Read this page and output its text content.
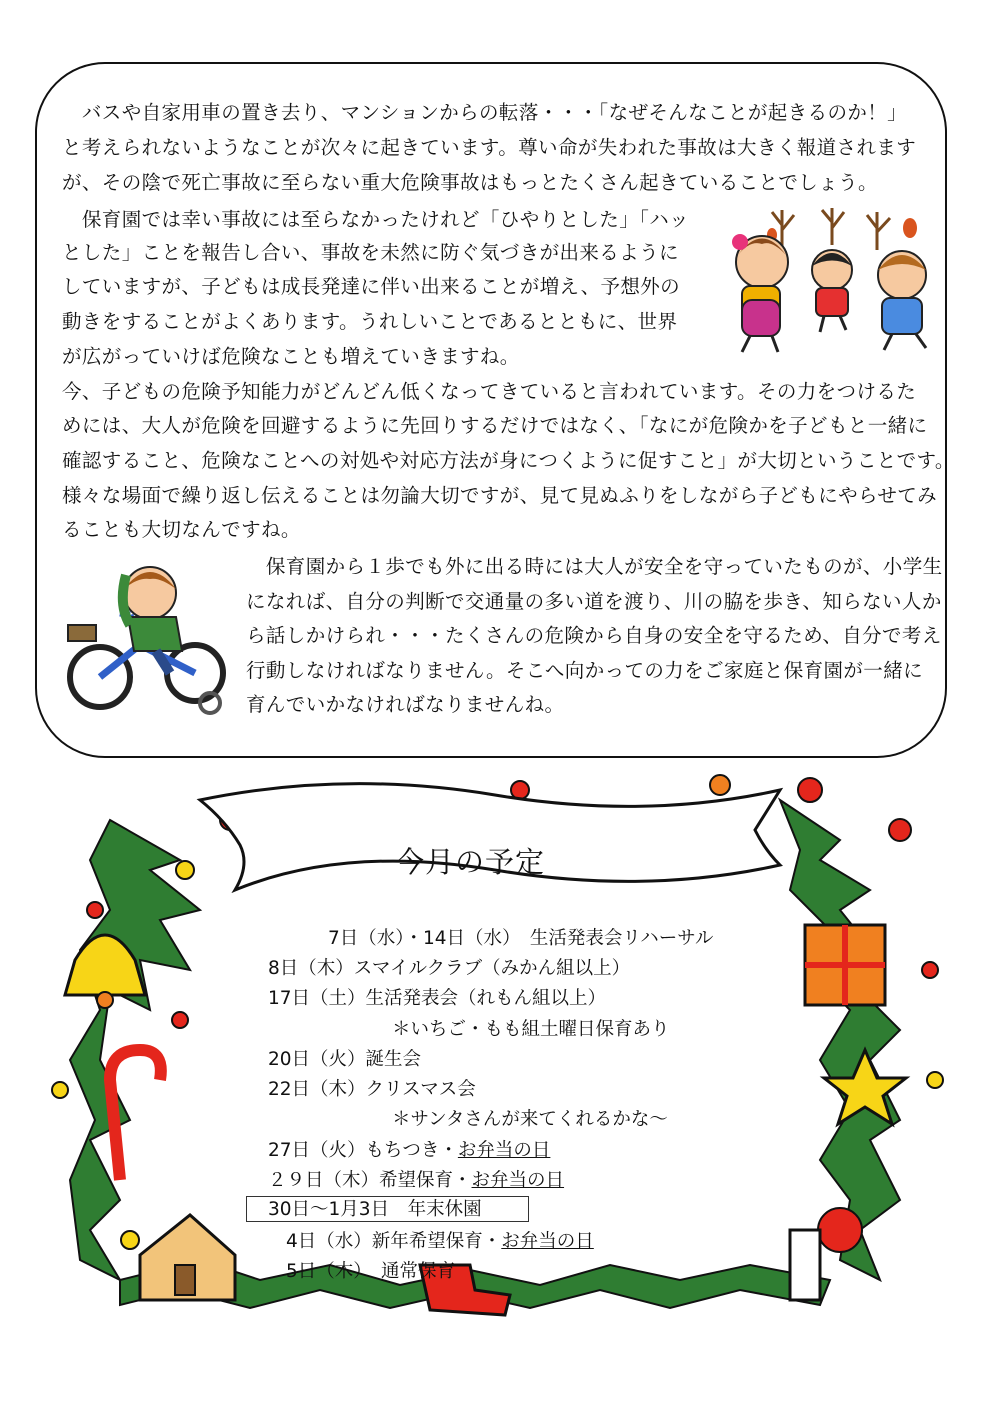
　バスや自家用車の置き去り、マンションからの転落・・・「なぜそんなことが起きるのか！」
と考えられないようなことが次々に起きています。尊い命が失われた事故は大きく報道されます
が、その陰で死亡事故に至らない重大危険事故はもっとたくさん起きていることでしょう。
　保育園では幸い事故には至らなかったけれど「ひやりとした」「ハッ
とした」ことを報告し合い、事故を未然に防ぐ気づきが出来るように
していますが、子どもは成長発達に伴い出来ることが増え、予想外の
動きをすることがよくあります。うれしいことであるとともに、世界
が広がっていけば危険なことも増えていきますね。
今、子どもの危険予知能力がどんどん低くなってきていると言われています。その力をつけるた
めには、大人が危険を回避するように先回りするだけではなく、「なにが危険かを子どもと一緒に
確認すること、危険なことへの対処や対応方法が身につくように促すこと」が大切ということです。
様々な場面で繰り返し伝えることは勿論大切ですが、見て見ぬふりをしながら子どもにやらせてみ
ることも大切なんですね。
　保育園から１歩でも外に出る時には大人が安全を守っていたものが、小学生
になれば、自分の判断で交通量の多い道を渡り、川の脇を歩き、知らない人か
ら話しかけられ・・・たくさんの危険から自身の安全を守るため、自分で考え
行動しなければなりません。そこへ向かっての力をご家庭と保育園が一緒に
育んでいかなければなりませんね。
今月の予定
7日（水）・14日（水）　生活発表会リハーサル
8日（木）スマイルクラブ（みかん組以上）
17日（土）生活発表会（れもん組以上）
＊いちご・もも組土曜日保育あり
20日（火）誕生会
22日（木）クリスマス会
＊サンタさんが来てくれるかな～
27日（火）もちつき・お弁当の日
２９日（木）希望保育・お弁当の日
30日～1月3日　年末休園
4日（水）新年希望保育・お弁当の日
5日（木）　通常保育
